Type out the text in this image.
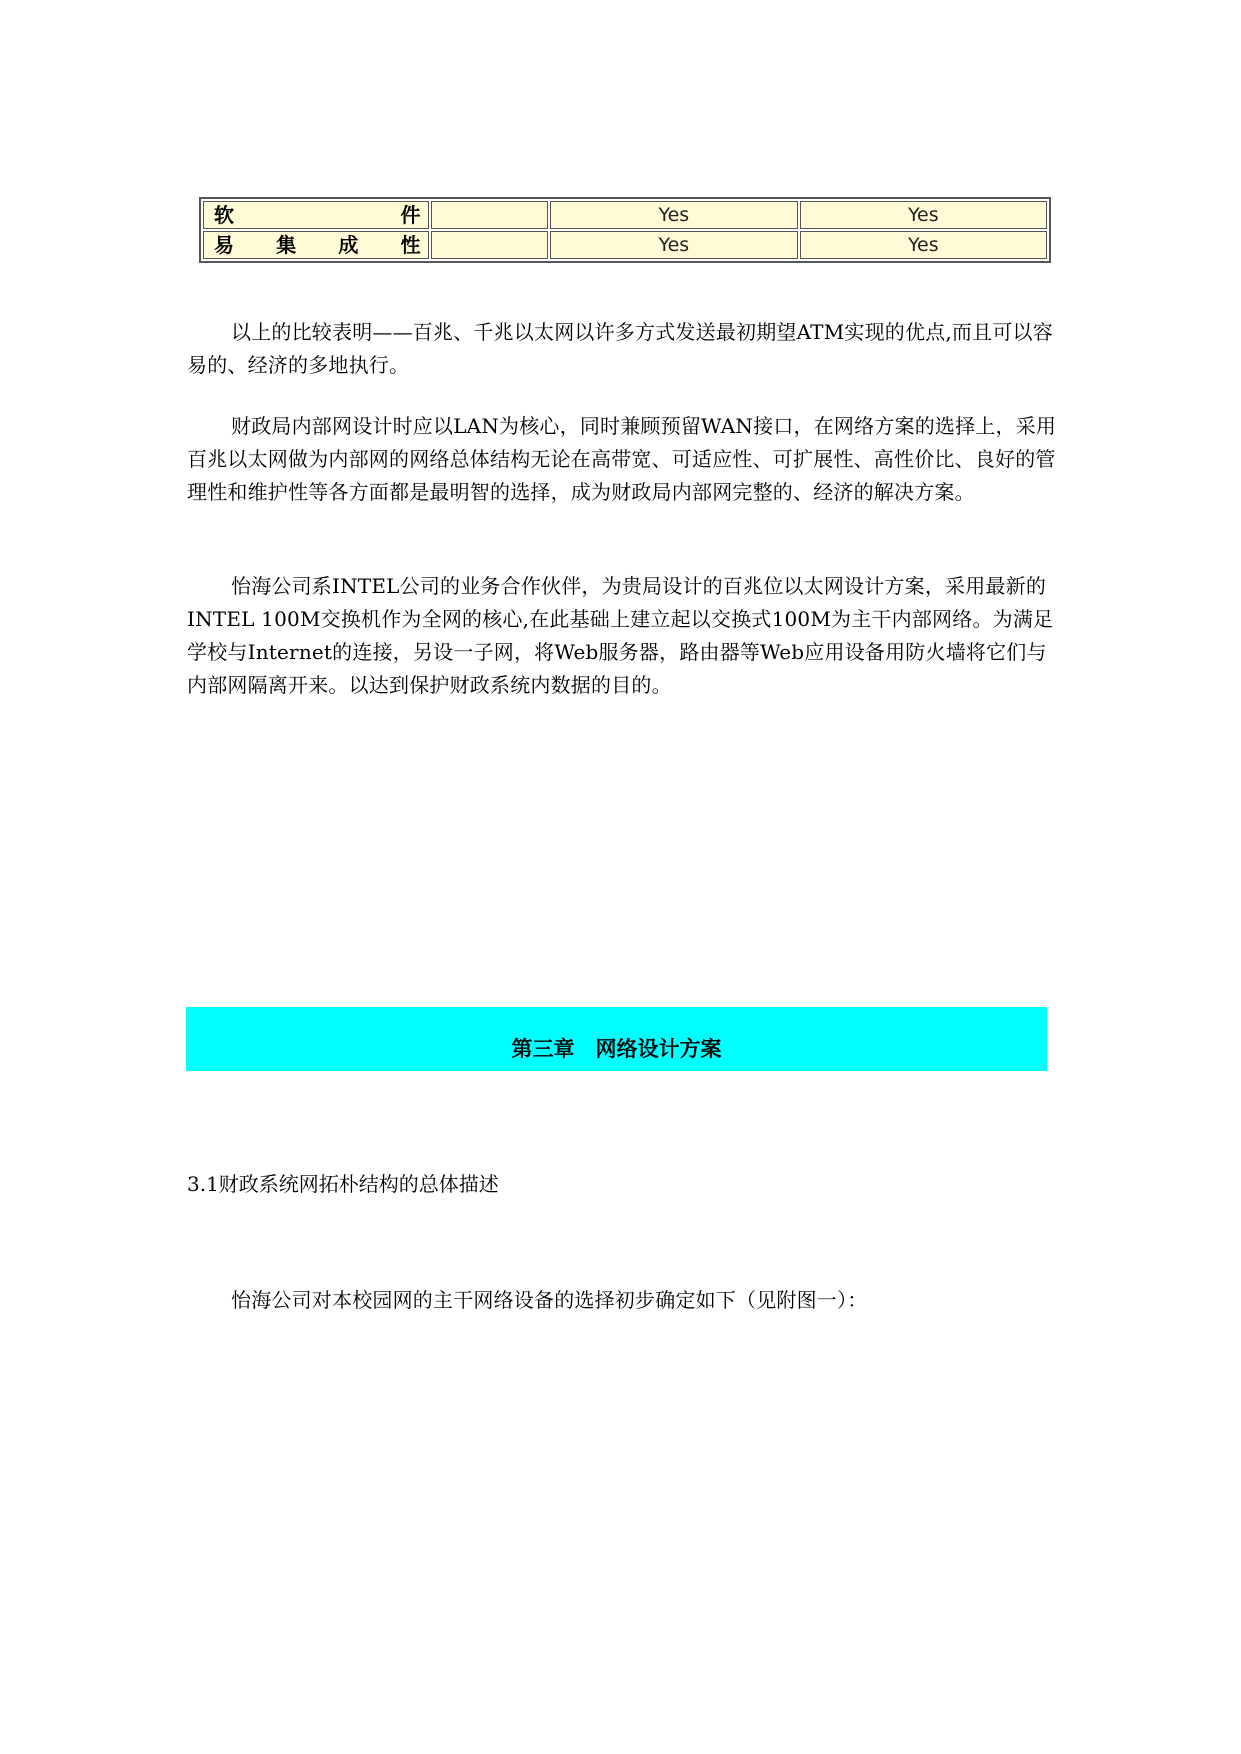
软 件		Yes	Yes

易 集 成 性		Yes	Yes

以上的比较表明——百兆、千兆以太网以许多方式发送最初期望ATM实现的优点,而且可以容易的、经济的多地执行。

财政局内部网设计时应以LAN为核心，同时兼顾预留WAN接口，在网络方案的选择上，采用百兆以太网做为内部网的网络总体结构无论在高带宽、可适应性、可扩展性、高性价比、良好的管理性和维护性等各方面都是最明智的选择，成为财政局内部网完整的、经济的解决方案。

怡海公司系INTEL公司的业务合作伙伴，为贵局设计的百兆位以太网设计方案，采用最新的INTEL 100M交换机作为全网的核心,在此基础上建立起以交换式100M为主干内部网络。为满足学校与Internet的连接，另设一子网，将Web服务器，路由器等Web应用设备用防火墙将它们与内部网隔离开来。以达到保护财政系统内数据的目的。

第三章　网络设计方案
3.1财政系统网拓朴结构的总体描述

怡海公司对本校园网的主干网络设备的选择初步确定如下（见附图一）：
